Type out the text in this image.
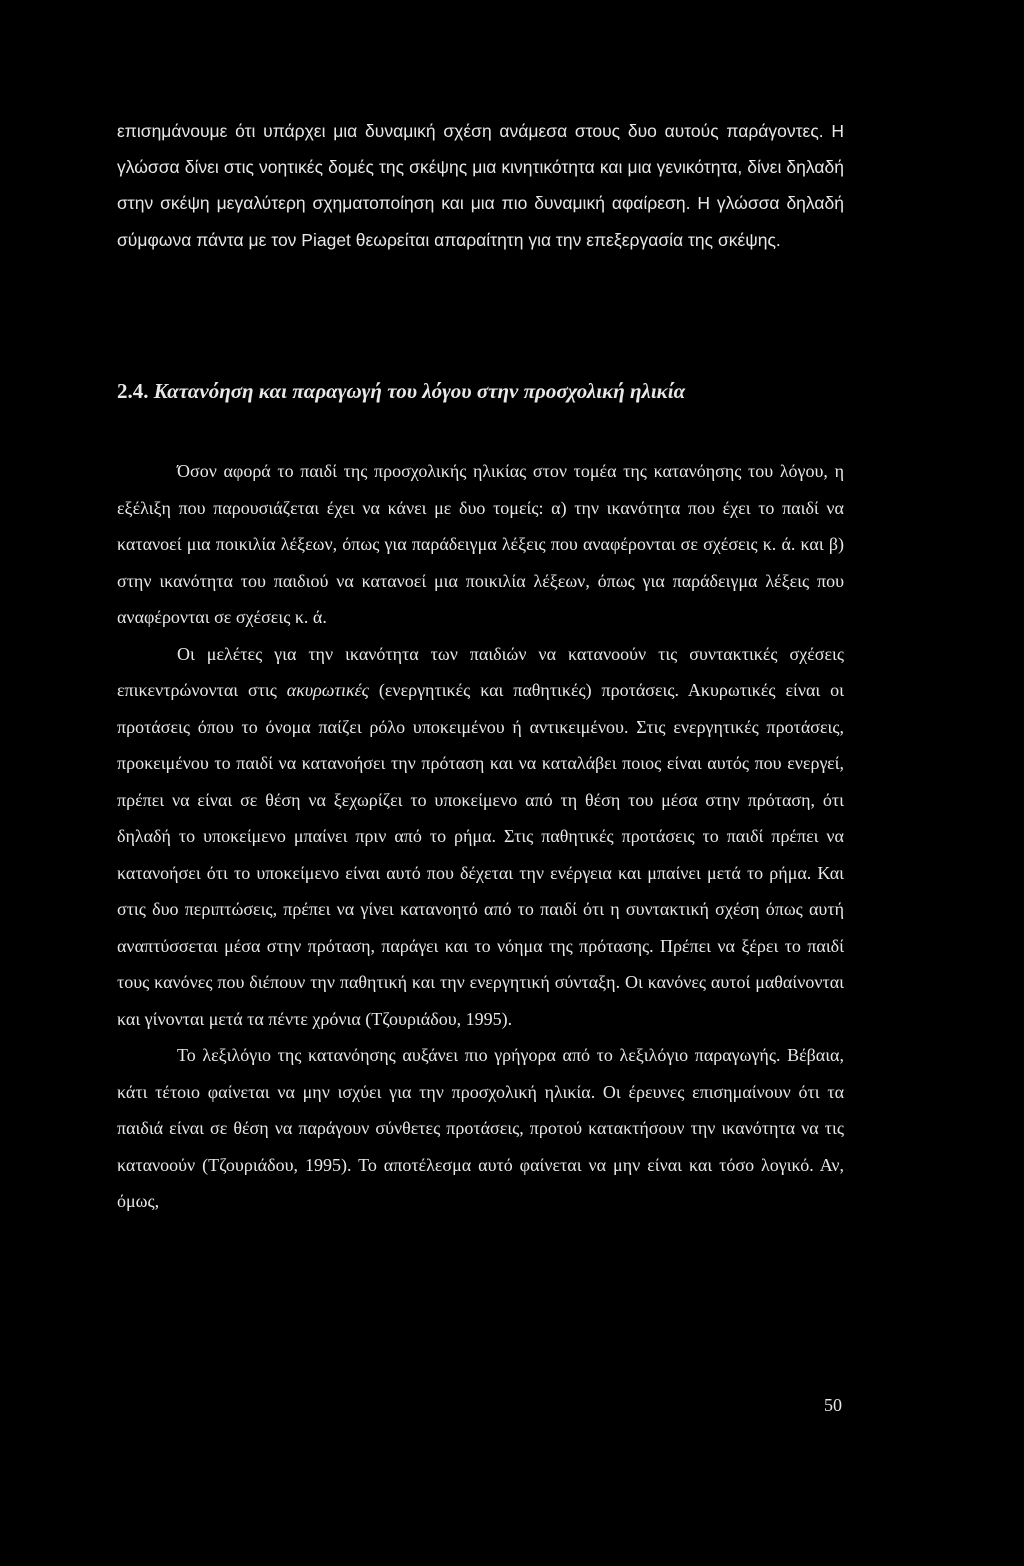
επισημάνουμε ότι υπάρχει μια δυναμική σχέση ανάμεσα στους δυο αυτούς παράγοντες. Η γλώσσα δίνει στις νοητικές δομές της σκέψης μια κινητικότητα και μια γενικότητα, δίνει δηλαδή στην σκέψη μεγαλύτερη σχηματοποίηση και μια πιο δυναμική αφαίρεση. Η γλώσσα δηλαδή σύμφωνα πάντα με τον Piaget θεωρείται απαραίτητη για την επεξεργασία της σκέψης.

2.4. Κατανόηση και παραγωγή του λόγου στην προσχολική ηλικία

Όσον αφορά το παιδί της προσχολικής ηλικίας στον τομέα της κατανόησης του λόγου, η εξέλιξη που παρουσιάζεται έχει να κάνει με δυο τομείς: α) την ικανότητα που έχει το παιδί να κατανοεί μια ποικιλία λέξεων, όπως για παράδειγμα λέξεις που αναφέρονται σε σχέσεις κ. ά. και β) στην ικανότητα του παιδιού να κατανοεί μια ποικιλία λέξεων, όπως για παράδειγμα λέξεις που αναφέρονται σε σχέσεις κ. ά.

Οι μελέτες για την ικανότητα των παιδιών να κατανοούν τις συντακτικές σχέσεις επικεντρώνονται στις ακυρωτικές (ενεργητικές και παθητικές) προτάσεις. Ακυρωτικές είναι οι προτάσεις όπου το όνομα παίζει ρόλο υποκειμένου ή αντικειμένου. Στις ενεργητικές προτάσεις, προκειμένου το παιδί να κατανοήσει την πρόταση και να καταλάβει ποιος είναι αυτός που ενεργεί, πρέπει να είναι σε θέση να ξεχωρίζει το υποκείμενο από τη θέση του μέσα στην πρόταση, ότι δηλαδή το υποκείμενο μπαίνει πριν από το ρήμα. Στις παθητικές προτάσεις το παιδί πρέπει να κατανοήσει ότι το υποκείμενο είναι αυτό που δέχεται την ενέργεια και μπαίνει μετά το ρήμα. Και στις δυο περιπτώσεις, πρέπει να γίνει κατανοητό από το παιδί ότι η συντακτική σχέση όπως αυτή αναπτύσσεται μέσα στην πρόταση, παράγει και το νόημα της πρότασης. Πρέπει να ξέρει το παιδί τους κανόνες που διέπουν την παθητική και την ενεργητική σύνταξη. Οι κανόνες αυτοί μαθαίνονται και γίνονται μετά τα πέντε χρόνια (Τζουριάδου, 1995).

Το λεξιλόγιο της κατανόησης αυξάνει πιο γρήγορα από το λεξιλόγιο παραγωγής. Βέβαια, κάτι τέτοιο φαίνεται να μην ισχύει για την προσχολική ηλικία. Οι έρευνες επισημαίνουν ότι τα παιδιά είναι σε θέση να παράγουν σύνθετες προτάσεις, προτού κατακτήσουν την ικανότητα να τις κατανοούν (Τζουριάδου, 1995). Το αποτέλεσμα αυτό φαίνεται να μην είναι και τόσο λογικό. Αν, όμως,

50
